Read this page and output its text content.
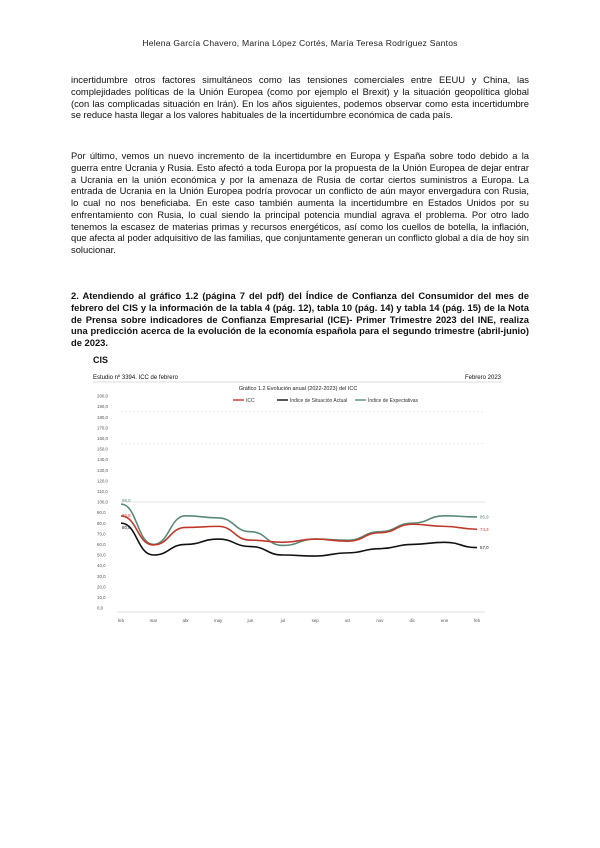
Helena García Chavero, Marina López Cortés, María Teresa Rodríguez Santos

incertidumbre otros factores simultáneos como las tensiones comerciales entre EEUU y China, las complejidades políticas de la Unión Europea (como por ejemplo el Brexit) y la situación geopolítica global (con las complicadas situación en Irán). En los años siguientes, podemos observar como esta incertidumbre se reduce hasta llegar a los valores habituales de la incertidumbre económica de cada país.

Por último, vemos un nuevo incremento de la incertidumbre en Europa y España sobre todo debido a la guerra entre Ucrania y Rusia. Esto afectó a toda Europa por la propuesta de la Unión Europea de dejar entrar a Ucrania en la unión económica y por la amenaza de Rusia de cortar ciertos suministros a Europa. La entrada de Ucrania en la Unión Europea podría provocar un conflicto de aún mayor envergadura con Rusia, lo cual no nos beneficiaba. En este caso también aumenta la incertidumbre en Estados Unidos por su enfrentamiento con Rusia, lo cual siendo la principal potencia mundial agrava el problema. Por otro lado tenemos la escasez de materias primas y recursos energéticos, así como los cuellos de botella, la inflación, que afecta al poder adquisitivo de las familias, que conjuntamente generan un conflicto global a día de hoy sin solucionar.

2. Atendiendo al gráfico 1.2 (página 7 del pdf) del Índice de Confianza del Consumidor del mes de febrero del CIS y la información de la tabla 4 (pág. 12), tabla 10 (pág. 14) y tabla 14 (pág. 15) de la Nota de Prensa sobre indicadores de Confianza Empresarial (ICE)- Primer Trimestre 2023 del INE, realiza una predicción acerca de la evolución de la economía española para el segundo trimestre (abril-junio) de 2023.

CIS
Estudio nº 3394. ICC de febrero	Febrero 2023
Gráfico 1.2 Evolución anual (2022-2023) del ICC
ICC	Índice de Situación Actual	Índice de Expectativas
0,0
10,0
20,0
30,0
40,0
50,0
60,0
70,0
80,0
90,0
100,0
110,0
120,0
130,0
140,0
150,0
160,0
170,0
180,0
190,0
200,0
feb	mar	abr	may	jun	jul	sep	oct	nov	dic	ene	feb
98,0
86,8
80,0
85,9
74,3
57,0
